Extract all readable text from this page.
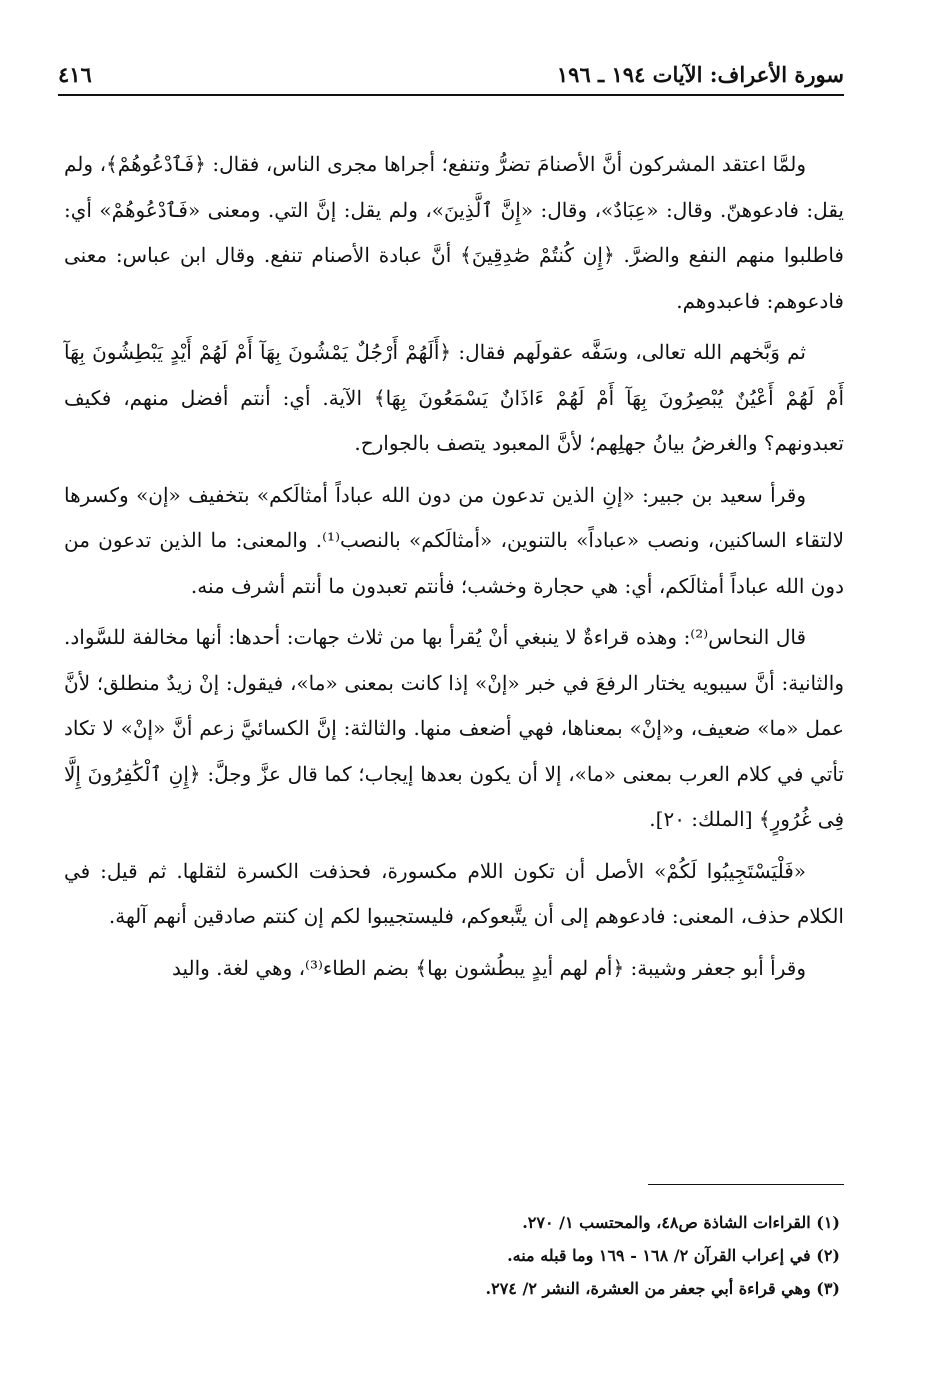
سورة الأعراف: الآيات ١٩٤ ـ ١٩٦
٤١٦

ولمَّا اعتقد المشركون أنَّ الأصنامَ تضرُّ وتنفع؛ أجراها مجرى الناس، فقال: ﴿فَٱدْعُوهُمْ﴾، ولم يقل: فادعوهنّ. وقال: «عِبَادٌ»، وقال: «إِنَّ ٱلَّذِينَ»، ولم يقل: إنَّ التي. ومعنى «فَٱدْعُوهُمْ» أي: فاطلبوا منهم النفع والضرَّ. ﴿إِن كُنتُمْ صَٰدِقِينَ﴾ أنَّ عبادة الأصنام تنفع. وقال ابن عباس: معنى فادعوهم: فاعبدوهم.

ثم وَبَّخهم الله تعالى، وسَفَّه عقولَهم فقال: ﴿أَلَهُمْ أَرْجُلٌ يَمْشُونَ بِهَآ أَمْ لَهُمْ أَيْدٍ يَبْطِشُونَ بِهَآ أَمْ لَهُمْ أَعْيُنٌ يُبْصِرُونَ بِهَآ أَمْ لَهُمْ ءَاذَانٌ يَسْمَعُونَ بِهَا﴾ الآية. أي: أنتم أفضل منهم، فكيف تعبدونهم؟ والغرضُ بيانُ جهلِهم؛ لأنَّ المعبود يتصف بالجوارح.

وقرأ سعيد بن جبير: «إنِ الذين تدعون من دون الله عباداً أمثالَكم» بتخفيف «إن» وكسرها لالتقاء الساكنين، ونصب «عباداً» بالتنوين، «أمثالَكم» بالنصب⁽¹⁾. والمعنى: ما الذين تدعون من دون الله عباداً أمثالَكم، أي: هي حجارة وخشب؛ فأنتم تعبدون ما أنتم أشرف منه.

قال النحاس⁽²⁾: وهذه قراءةٌ لا ينبغي أنْ يُقرأ بها من ثلاث جهات: أحدها: أنها مخالفة للسَّواد. والثانية: أنَّ سيبويه يختار الرفعَ في خبر «إنْ» إذا كانت بمعنى «ما»، فيقول: إنْ زيدٌ منطلق؛ لأنَّ عمل «ما» ضعيف، و«إنْ» بمعناها، فهي أضعف منها. والثالثة: إنَّ الكسائيَّ زعم أنَّ «إنْ» لا تكاد تأتي في كلام العرب بمعنى «ما»، إلا أن يكون بعدها إيجاب؛ كما قال عزَّ وجلَّ: ﴿إِنِ ٱلْكَٰفِرُونَ إِلَّا فِى غُرُورٍ﴾ [الملك: ٢٠].

«فَلْيَسْتَجِيبُوا لَكُمْ» الأصل أن تكون اللام مكسورة، فحذفت الكسرة لثقلها. ثم قيل: في الكلام حذف، المعنى: فادعوهم إلى أن يتَّبعوكم، فليستجيبوا لكم إن كنتم صادقين أنهم آلهة.

وقرأ أبو جعفر وشيبة: ﴿أم لهم أيدٍ يبطُشون بها﴾ بضم الطاء⁽³⁾، وهي لغة. واليد

(١) القراءات الشاذة ص٤٨، والمحتسب ١/ ٢٧٠.

(٢) في إعراب القرآن ٢/ ١٦٨ - ١٦٩ وما قبله منه.

(٣) وهي قراءة أبي جعفر من العشرة، النشر ٢/ ٢٧٤.
